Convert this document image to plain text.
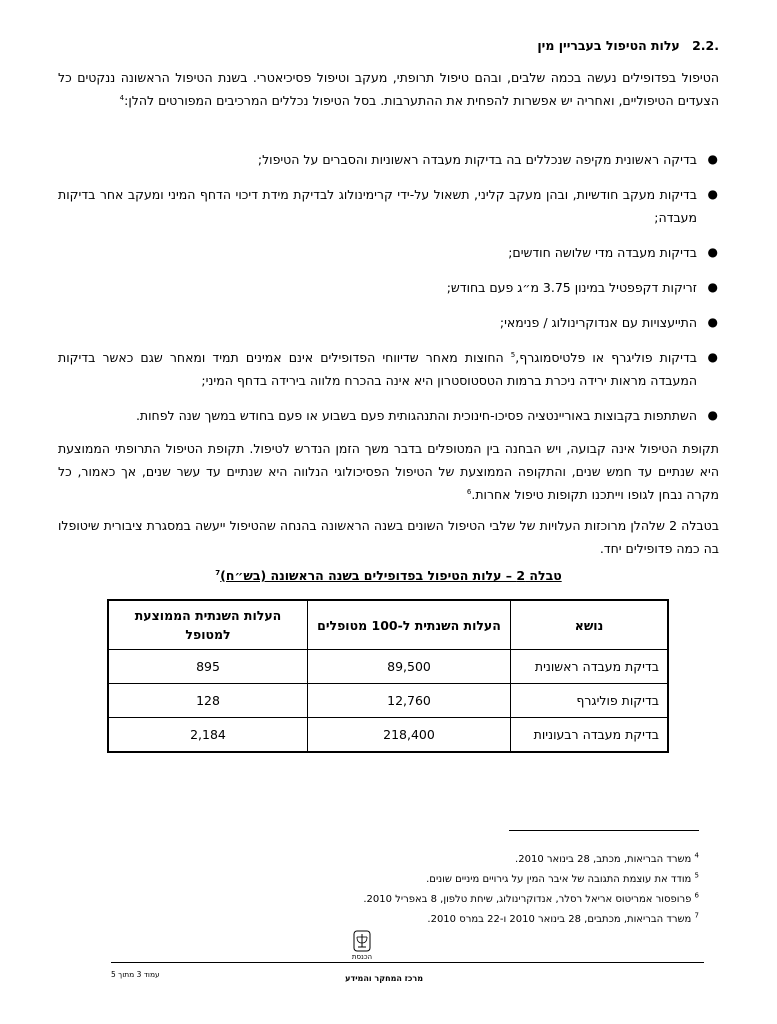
.2.2 עלות הטיפול בעבריין מין
הטיפול בפדופילים נעשה בכמה שלבים, ובהם טיפול תרופתי, מעקב וטיפול פסיכיאטרי. בשנת הטיפול הראשונה ננקטים כל הצעדים הטיפוליים, ואחריה יש אפשרות להפחית את ההתערבות. בסל הטיפול נכללים המרכיבים המפורטים להלן:$^4$
●
בדיקה ראשונית מקיפה שנכללים בה בדיקות מעבדה ראשוניות והסברים על הטיפול;
●
בדיקות מעקב חודשיות, ובהן מעקב קליני, תשאול על-ידי קרימינולוג לבדיקת מידת דיכוי הדחף המיני ומעקב אחר בדיקות מעבדה;
●
בדיקות מעבדה מדי שלושה חודשים;
●
זריקות דקפפטיל במינון 3.75 מ״ג פעם בחודש;
●
התייעצויות עם אנדוקרינולוג / פנימאי;
●
בדיקות פוליגרף או פלטיסמוגרף,$^5$ החוצות מאחר שדיווחי הפדופילים אינם אמינים תמיד ומאחר שגם כאשר בדיקות המעבדה מראות ירידה ניכרת ברמות הטסטוסטרון היא אינה בהכרח מלווה בירידה בדחף המיני;
●
השתתפות בקבוצות באוריינטציה פסיכו-חינוכית והתנהגותית פעם בשבוע או פעם בחודש במשך שנה לפחות.
תקופת הטיפול אינה קבועה, ויש הבחנה בין המטופלים בדבר משך הזמן הנדרש לטיפול. תקופת הטיפול התרופתי הממוצעת היא שנתיים עד חמש שנים, והתקופה הממוצעת של הטיפול הפסיכולוגי הנלווה היא שנתיים עד עשר שנים, אך כאמור, כל מקרה נבחן לגופו וייתכנו תקופות טיפול אחרות.$^6$
בטבלה 2 שלהלן מרוכזות העלויות של שלבי הטיפול השונים בשנה הראשונה בהנחה שהטיפול ייעשה במסגרת ציבורית שיטופלו בה כמה פדופילים יחד.
טבלה 2 – עלות הטיפול בפדופילים בשנה הראשונה (בש״ח)$^7$
נושא	העלות השנתית ל-100 מטופלים	העלות השנתית הממוצעת למטופל
בדיקת מעבדה ראשונית	89,500	895
בדיקות פוליגרף	12,760	128
בדיקת מעבדה רבעוניות	218,400	2,184
$^4$ משרד הבריאות, מכתב, 28 בינואר 2010.
$^5$ מודד את עוצמת התגובה של איבר המין על גירויים מיניים שונים.
$^6$ פרופסור אמריטוס אריאל רסלר, אנדוקרינולוג, שיחת טלפון, 8 באפריל 2010.
$^7$ משרד הבריאות, מכתבים, 28 בינואר 2010 ו-22 במרס 2010.
הכנסת
מרכז המחקר והמידע
עמוד 3 מתוך 5
